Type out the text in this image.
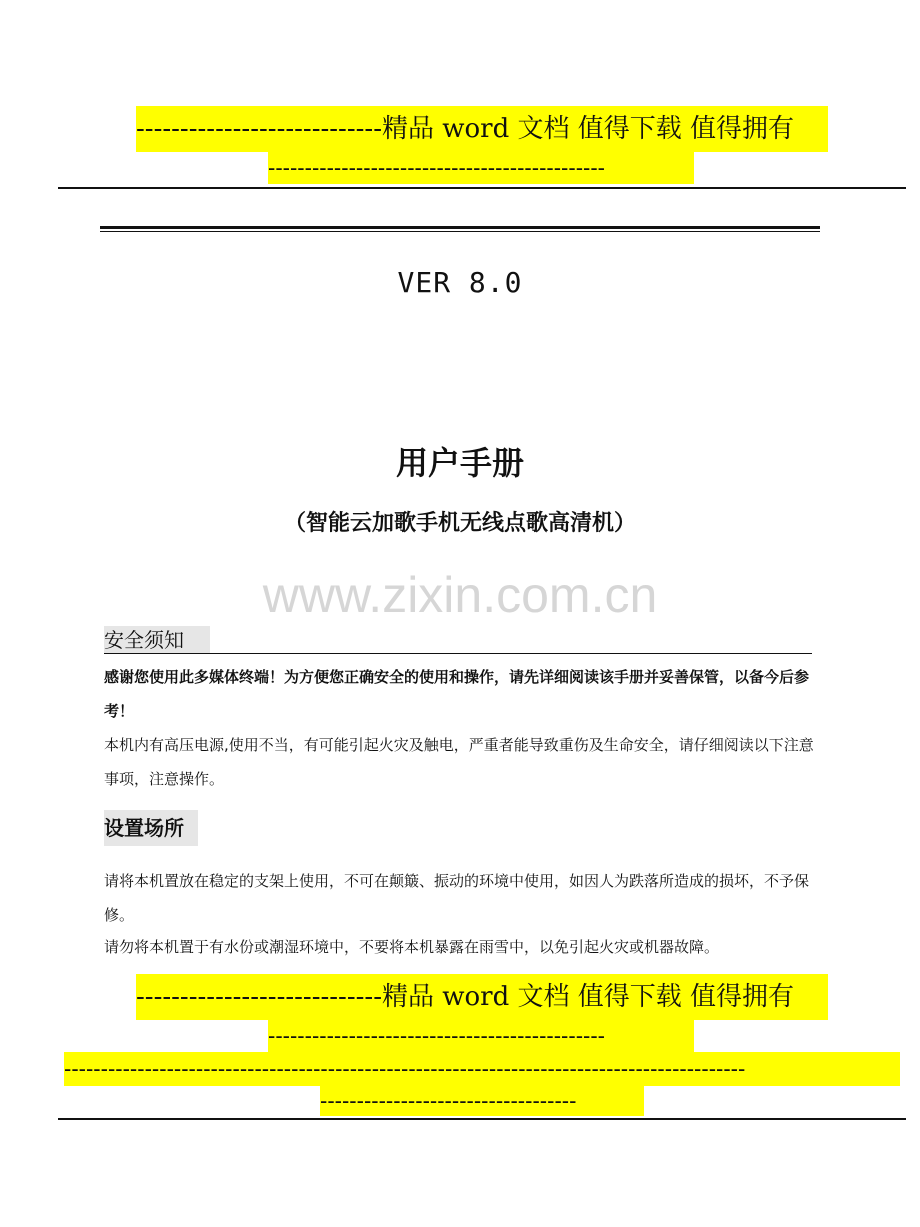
----------------------------精品 word 文档 值得下载 值得拥有
----------------------------------------------
VER 8.0
用户手册
（智能云加歌手机无线点歌高清机）
www.zixin.com.cn
安全须知
感谢您使用此多媒体终端！为方便您正确安全的使用和操作，请先详细阅读该手册并妥善保管，以备今后参考！
本机内有高压电源,使用不当，有可能引起火灾及触电，严重者能导致重伤及生命安全，请仔细阅读以下注意事项，注意操作。
设置场所
请将本机置放在稳定的支架上使用，不可在颠簸、振动的环境中使用，如因人为跌落所造成的损坏，不予保修。
请勿将本机置于有水份或潮湿环境中，不要将本机暴露在雨雪中，以免引起火灾或机器故障。
----------------------------精品 word 文档 值得下载 值得拥有
----------------------------------------------
---------------------------------------------------------------------------------------------
-----------------------------------
